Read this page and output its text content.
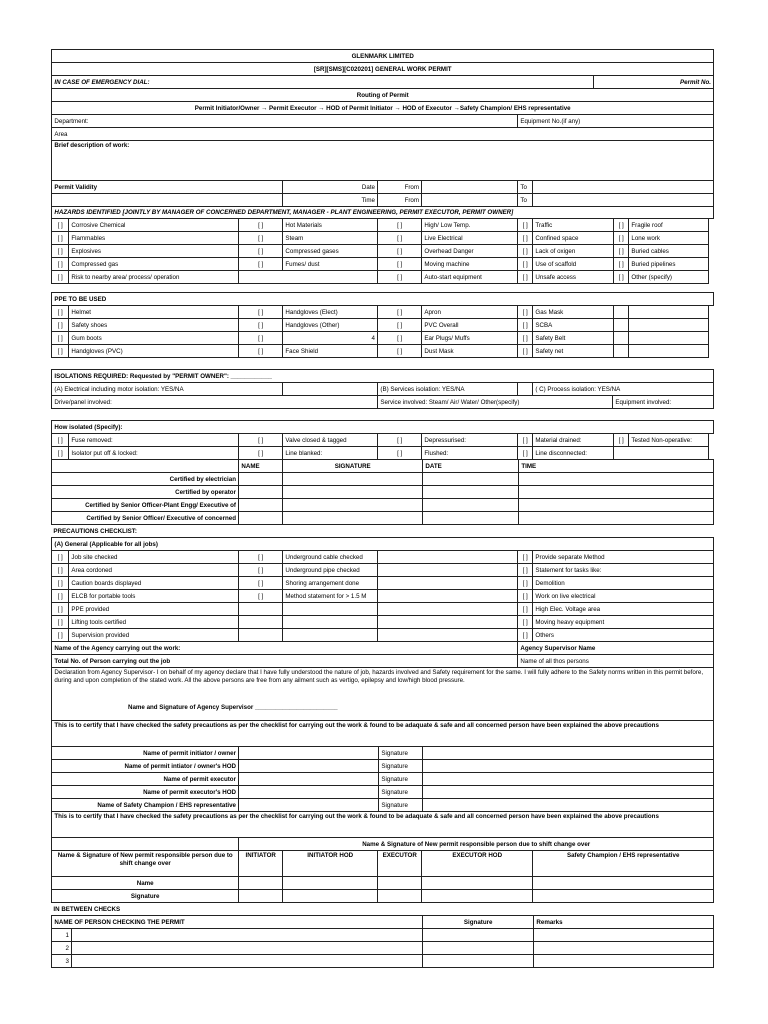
GLENMARK LIMITED
[SR][SMS][C020201] GENERAL WORK PERMIT
IN CASE OF EMERGENCY DIAL:	Permit No.
Routing of Permit
Permit Initiator/Owner → Permit Executor → HOD of Permit Initiator → HOD of Executor →Safety Champion/ EHS representative
Department:	Equipment No.(if any)
Area
Brief description of work:
Permit Validity	Date	From	To
Time	From	To
HAZARDS IDENTIFIED [JOINTLY BY MANAGER OF CONCERNED DEPARTMENT, MANAGER - PLANT ENGINEERING, PERMIT EXECUTOR, PERMIT OWNER]
[ ]	Corrosive Chemical	[ ]	Hot Materials	[ ]	High/ Low Temp.	[ ]	Traffic	[ ]	Fragile roof
[ ]	Flammables	[ ]	Steam	[ ]	Live Electrical	[ ]	Confined space	[ ]	Lone work
[ ]	Explosives	[ ]	Compressed gases	[ ]	Overhead Danger	[ ]	Lack of oxigen	[ ]	Buried cables
[ ]	Compressed gas	[ ]	Fumes/ dust	[ ]	Moving machine	[ ]	Use of scaffold	[ ]	Buried pipelines
[ ]	Risk to nearby area/ process/ operation	[ ]	Auto-start equipment	[ ]	Unsafe access	[ ]	Other (specify)
PPE TO BE USED
[ ]	Helmet	[ ]	Handgloves (Elect)	[ ]	Apron	[ ]	Gas Mask
[ ]	Safety shoes	[ ]	Handgloves (Other)	[ ]	PVC Overall	[ ]	SCBA
[ ]	Gum boots	[ ]	4	[ ]	Ear Plugs/ Muffs	[ ]	Safety Belt
[ ]	Handgloves (PVC)	[ ]	Face Shield	[ ]	Dust Mask	[ ]	Safety net
ISOLATIONS REQUIRED: Requested by "PERMIT OWNER": ____________
(A) Electrical including motor isolation: YES/NA	(B) Services isolation: YES/NA	( C) Process isolation: YES/NA
Drive/panel involved:	Service involved: Steam/ Air/ Water/ Other(specify)	Equipment involved:
How isolated (Specify):
[ ]	Fuse removed:	[ ]	Valve closed & tagged	[ ]	Depressurised:	[ ]	Material drained:	[ ]	Tested Non-operative:
[ ]	Isolator put off & locked:	[ ]	Line blanked:	[ ]	Flushed:	[ ]	Line disconnected:
NAME	SIGNATURE	DATE	TIME
Certified by electrician
Certified by operator
Certified by Senior Officer-Plant Engg/ Executive of
Certified by Senior Officer/ Executive of concerned
PRECAUTIONS CHECKLIST:
(A) General (Applicable for all jobs)
[ ]	Job site checked	[ ]	Underground cable checked	[ ]	Provide separate Method
[ ]	Area cordoned	[ ]	Underground pipe checked	[ ]	Statement for tasks like:
[ ]	Caution boards displayed	[ ]	Shoring arrangement done	[ ]	Demolition
[ ]	ELCB for portable tools	[ ]	Method statement for > 1.5 M	[ ]	Work on live electrical
[ ]	PPE provided	[ ]	High Elec. Voltage area
[ ]	Lifting tools certified	[ ]	Moving heavy equipment
[ ]	Supervision provided	[ ]	Others
Name of the Agency carrying out the work:	Agency Supervisor Name
Total No. of Person carrying out the job	Name of all thos persons
Declaration from Agency Supervisor- I on behalf of my agency declare that I have fully understood the nature of job, hazards involved and Safety requirement for the same. I will fully adhere to the Safety norms written in this permit before, during and upon completion of the stated work. All the above persons are free from any ailment such as vertigo, epilepsy and low/high blood pressure.
Name and Signature of Agency Supervisor ________________________
This is to certify that I have checked the safety precautions as per the checklist for carrying out the work & found to be adaquate & safe and all concerned person have been explained the above precautions
Name of permit initiator / owner	Signature
Name of permit intiator / owner's HOD	Signature
Name of permit executor	Signature
Name of permit executor's HOD	Signature
Name of Safety Champion / EHS representative	Signature
This is to certify that I have checked the safety precautions as per the checklist for carrying out the work & found to be adaquate & safe and all concerned person have been explained the above precautions
Name & Signature of New permit responsible person due to shift change over
Name & Signature of New permit responsible person due to shift change over
INITIATOR	INITIATOR HOD	EXECUTOR	EXECUTOR HOD	Safety Champion / EHS representative
Name
Signature
IN BETWEEN CHECKS
NAME OF PERSON CHECKING THE PERMIT	Signature	Remarks
1
2
3
